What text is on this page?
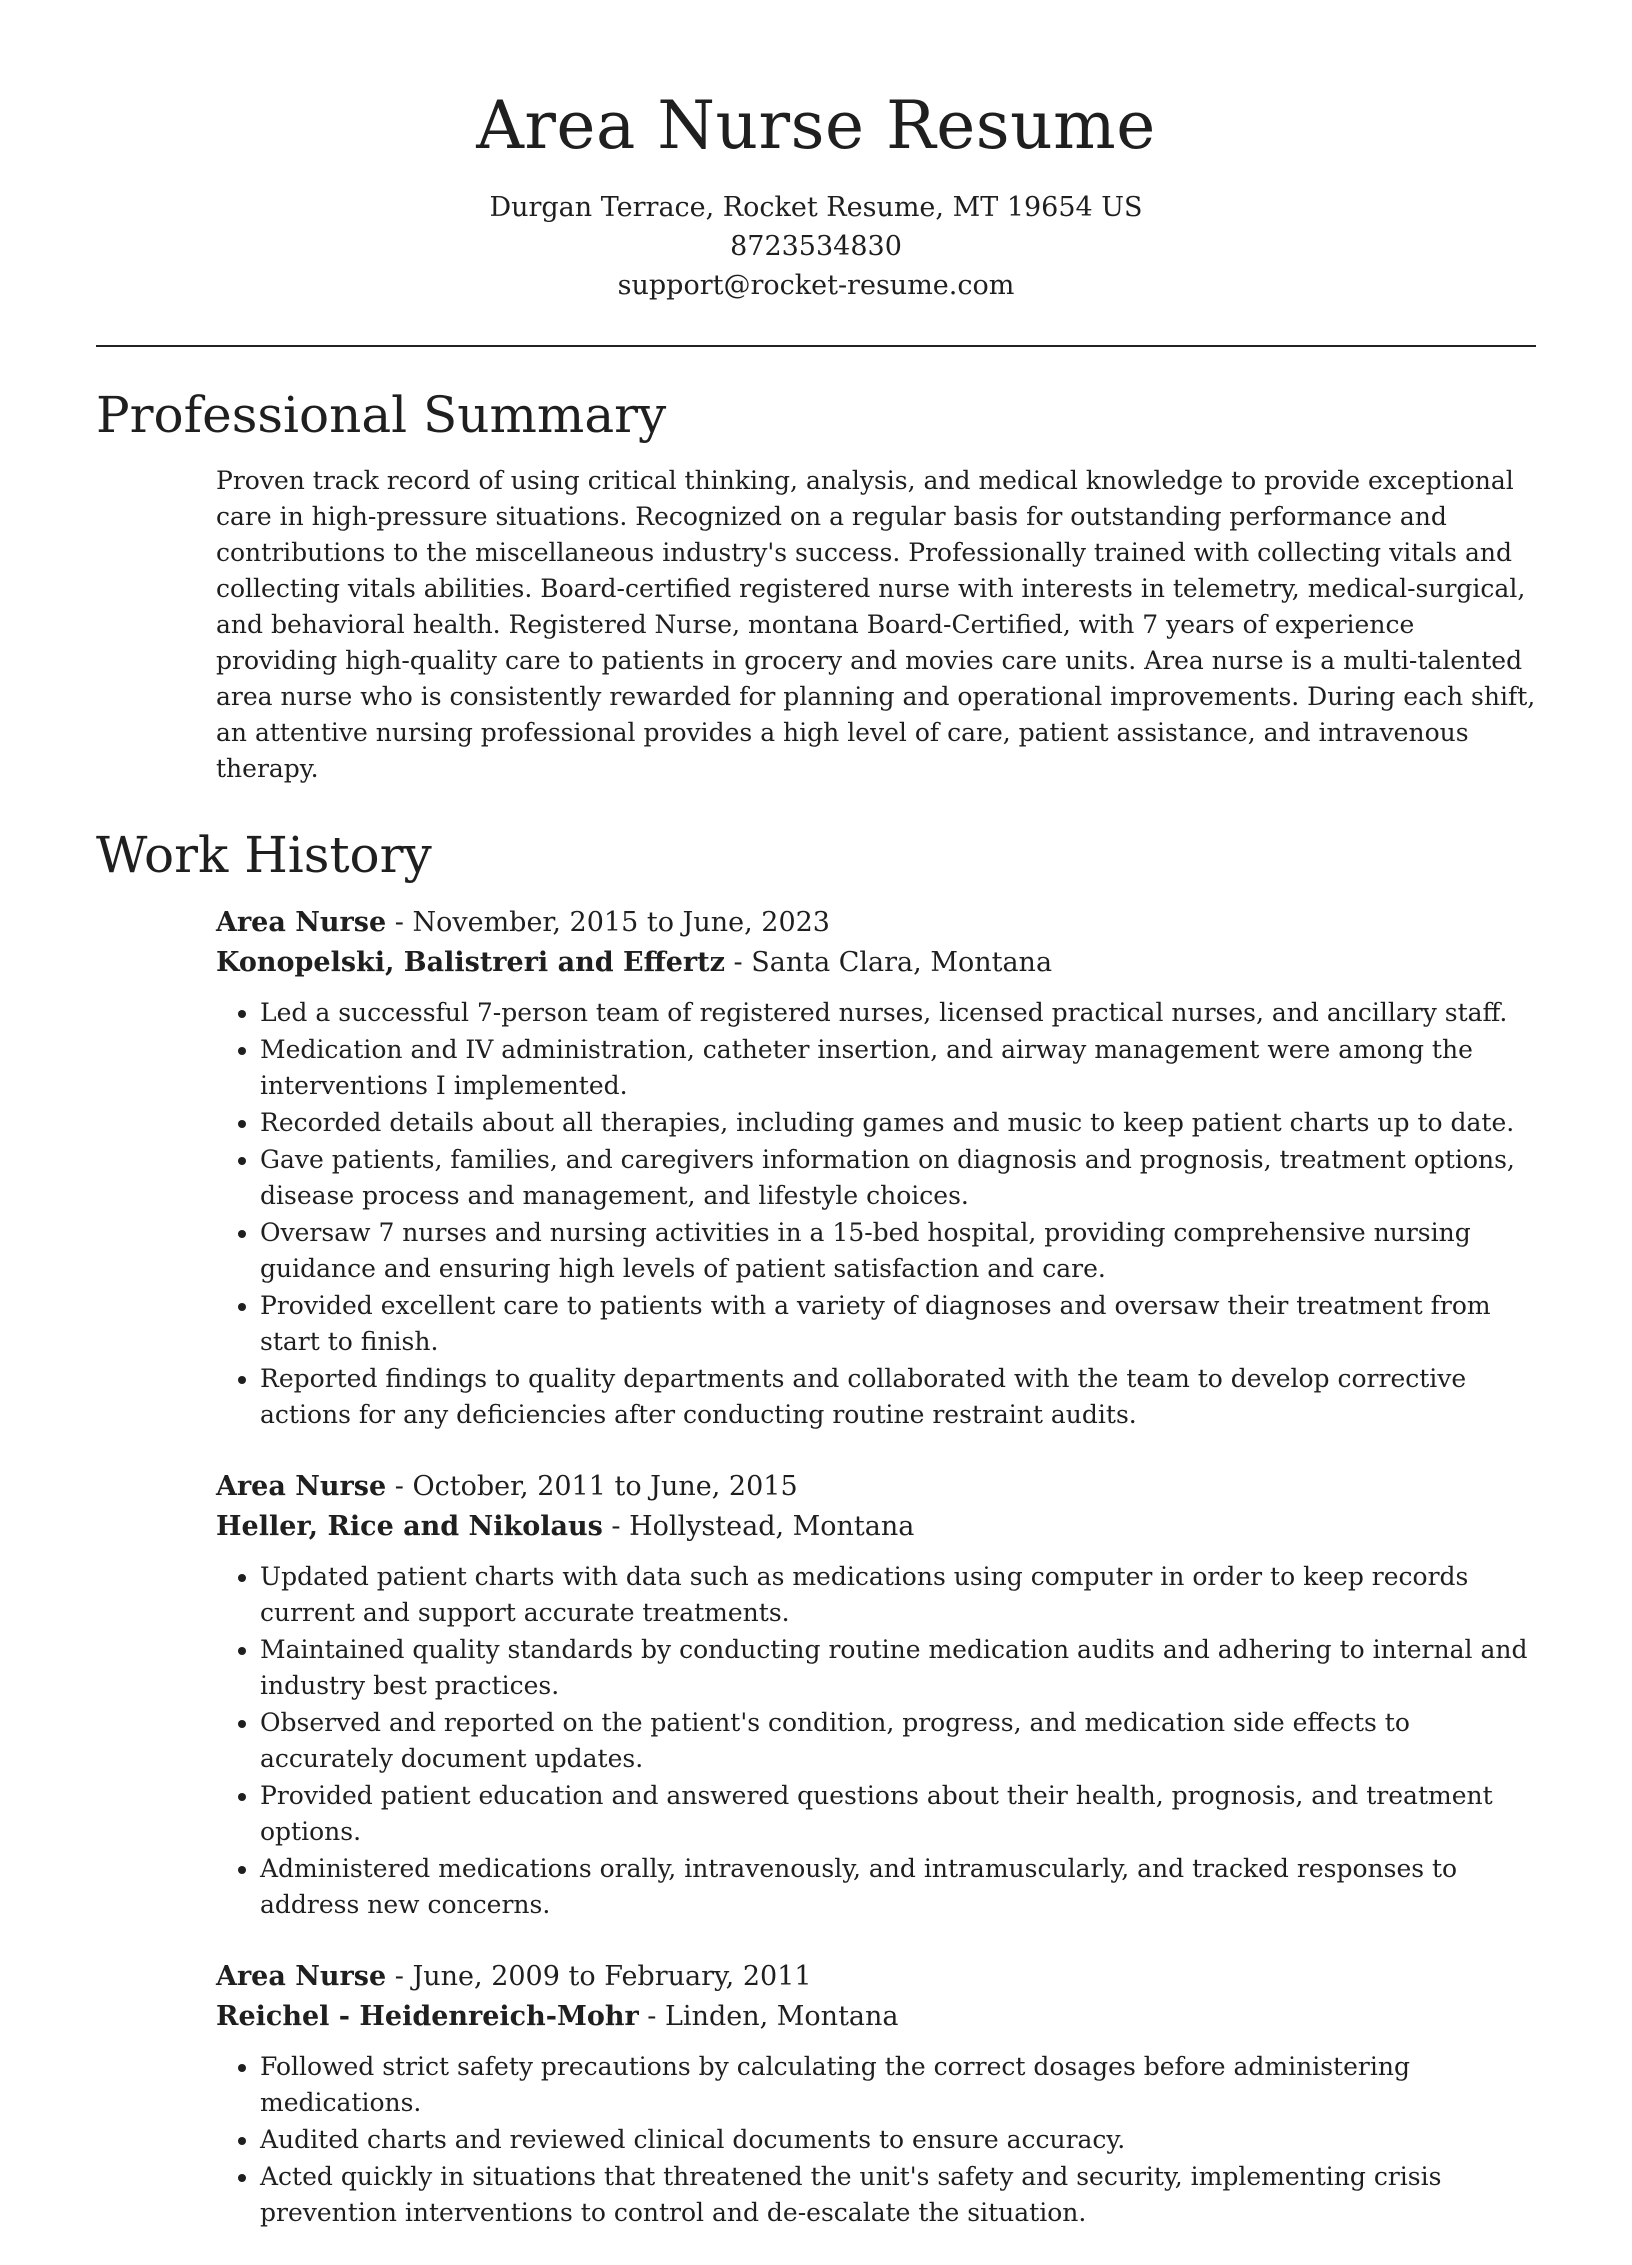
Area Nurse Resume
Durgan Terrace, Rocket Resume, MT 19654 US
8723534830
support@rocket-resume.com
Professional Summary

Proven track record of using critical thinking, analysis, and medical knowledge to provide exceptional care in high-pressure situations. Recognized on a regular basis for outstanding performance and contributions to the miscellaneous industry's success. Professionally trained with collecting vitals and collecting vitals abilities. Board-certified registered nurse with interests in telemetry, medical-surgical, and behavioral health. Registered Nurse, montana Board-Certified, with 7 years of experience providing high-quality care to patients in grocery and movies care units. Area nurse is a multi-talented area nurse who is consistently rewarded for planning and operational improvements. During each shift, an attentive nursing professional provides a high level of care, patient assistance, and intravenous therapy.

Work History
Area Nurse - November, 2015 to June, 2023
Konopelski, Balistreri and Effertz - Santa Clara, Montana
• Led a successful 7-person team of registered nurses, licensed practical nurses, and ancillary staff.
• Medication and IV administration, catheter insertion, and airway management were among the interventions I implemented.
• Recorded details about all therapies, including games and music to keep patient charts up to date.
• Gave patients, families, and caregivers information on diagnosis and prognosis, treatment options, disease process and management, and lifestyle choices.
• Oversaw 7 nurses and nursing activities in a 15-bed hospital, providing comprehensive nursing guidance and ensuring high levels of patient satisfaction and care.
• Provided excellent care to patients with a variety of diagnoses and oversaw their treatment from start to finish.
• Reported findings to quality departments and collaborated with the team to develop corrective actions for any deficiencies after conducting routine restraint audits.
Area Nurse - October, 2011 to June, 2015
Heller, Rice and Nikolaus - Hollystead, Montana
• Updated patient charts with data such as medications using computer in order to keep records current and support accurate treatments.
• Maintained quality standards by conducting routine medication audits and adhering to internal and industry best practices.
• Observed and reported on the patient's condition, progress, and medication side effects to accurately document updates.
• Provided patient education and answered questions about their health, prognosis, and treatment options.
• Administered medications orally, intravenously, and intramuscularly, and tracked responses to address new concerns.
Area Nurse - June, 2009 to February, 2011
Reichel - Heidenreich-Mohr - Linden, Montana
• Followed strict safety precautions by calculating the correct dosages before administering medications.
• Audited charts and reviewed clinical documents to ensure accuracy.
• Acted quickly in situations that threatened the unit's safety and security, implementing crisis prevention interventions to control and de-escalate the situation.
